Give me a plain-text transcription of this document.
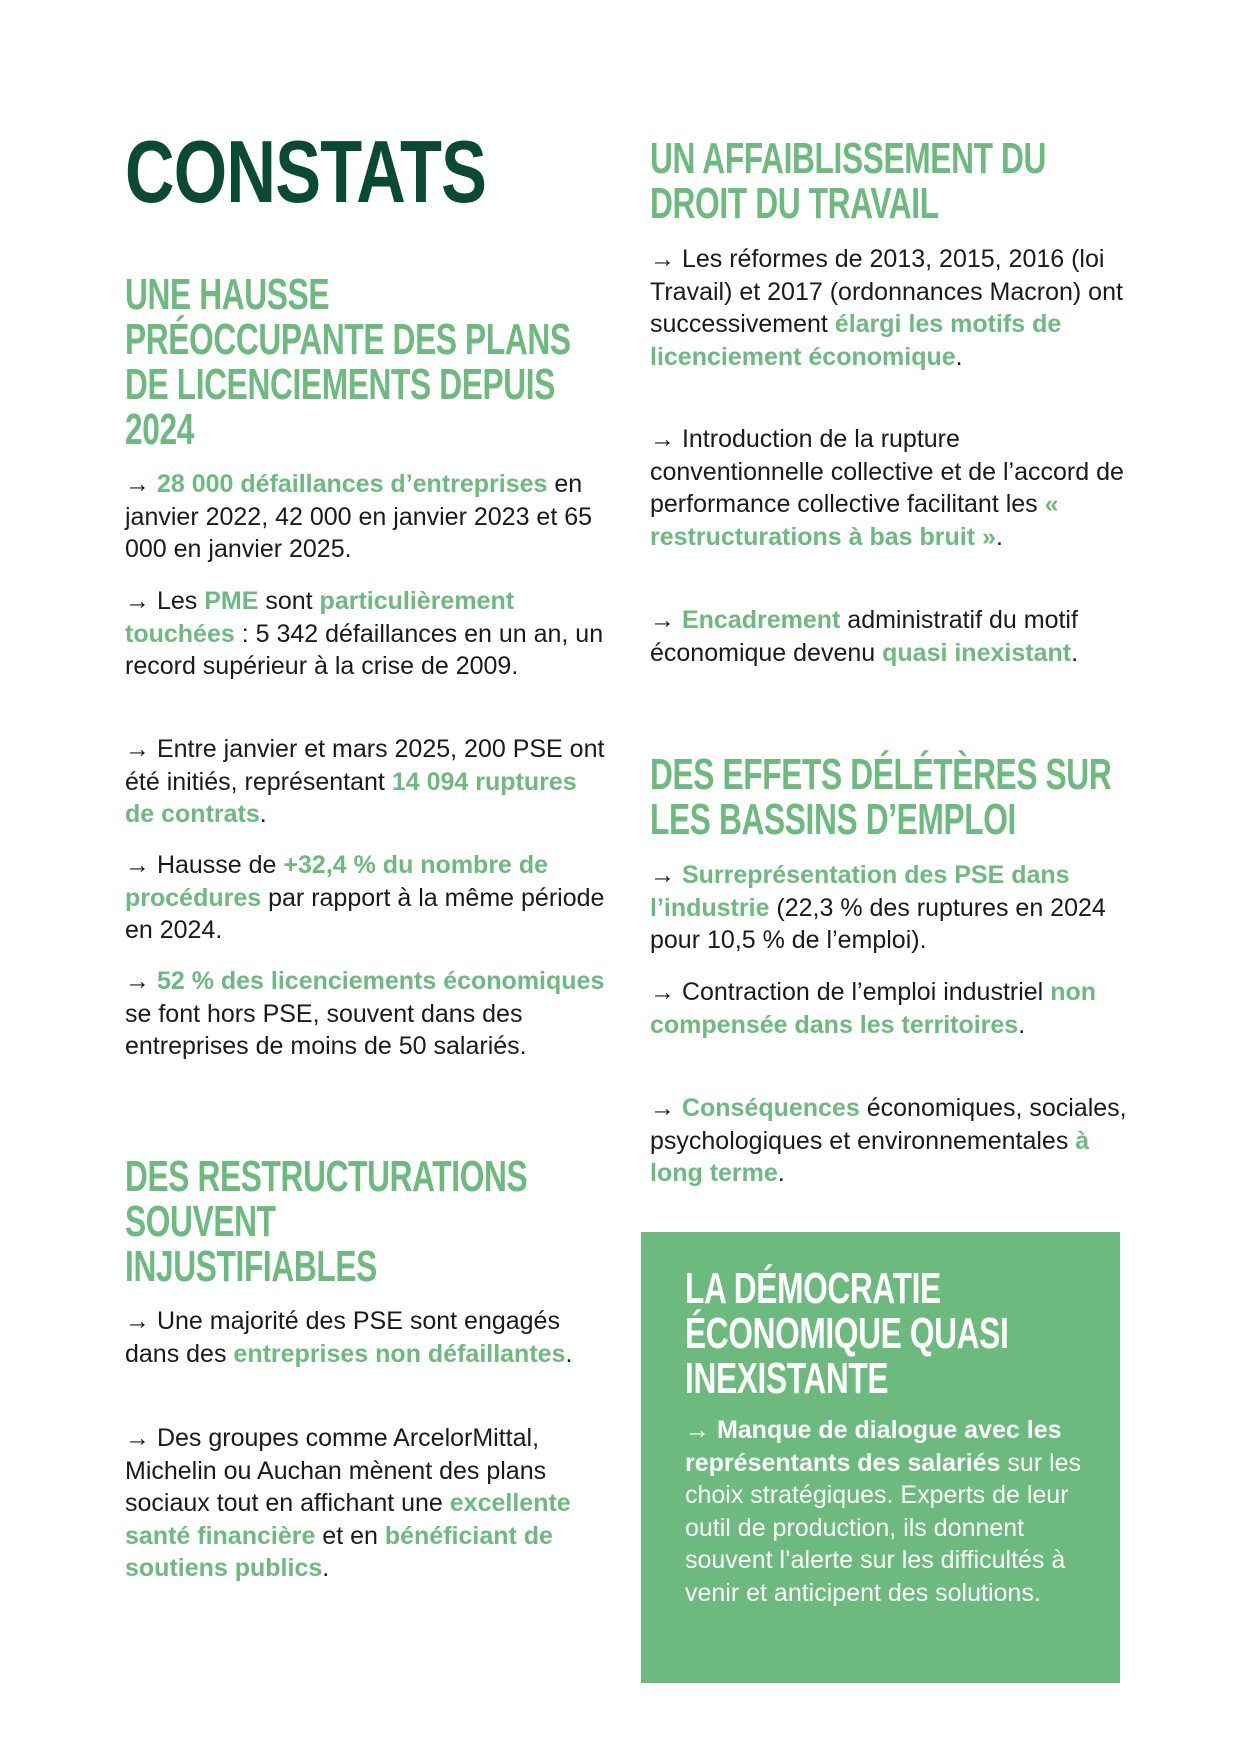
CONSTATS
UNE HAUSSE
PRÉOCCUPANTE DES PLANS
DE LICENCIEMENTS DEPUIS
2024

→ 28 000 défaillances d’entreprises en janvier 2022, 42 000 en janvier 2023 et 65 000 en janvier 2025.

→ Les PME sont particulièrement touchées : 5 342 défaillances en un an, un record supérieur à la crise de 2009.

→ Entre janvier et mars 2025, 200 PSE ont été initiés, représentant 14 094 ruptures de contrats.

→ Hausse de +32,4 % du nombre de procédures par rapport à la même période en 2024.

→ 52 % des licenciements économiques se font hors PSE, souvent dans des entreprises de moins de 50 salariés.

DES RESTRUCTURATIONS
SOUVENT
INJUSTIFIABLES

→ Une majorité des PSE sont engagés dans des entreprises non défaillantes.

→ Des groupes comme ArcelorMittal, Michelin ou Auchan mènent des plans sociaux tout en affichant une excellente santé financière et en bénéficiant de soutiens publics.

UN AFFAIBLISSEMENT DU
DROIT DU TRAVAIL

→ Les réformes de 2013, 2015, 2016 (loi Travail) et 2017 (ordonnances Macron) ont successivement élargi les motifs de licenciement économique.

→ Introduction de la rupture conventionnelle collective et de l’accord de performance collective facilitant les « restructurations à bas bruit ».

→ Encadrement administratif du motif économique devenu quasi inexistant.

DES EFFETS DÉLÉTÈRES SUR
LES BASSINS D’EMPLOI

→ Surreprésentation des PSE dans l’industrie (22,3 % des ruptures en 2024 pour 10,5 % de l’emploi).

→ Contraction de l’emploi industriel non compensée dans les territoires.

→ Conséquences économiques, sociales, psychologiques et environnementales à long terme.

LA DÉMOCRATIE
ÉCONOMIQUE QUASI
INEXISTANTE

→ Manque de dialogue avec les représentants des salariés sur les choix stratégiques. Experts de leur outil de production, ils donnent souvent l’alerte sur les difficultés à venir et anticipent des solutions.
